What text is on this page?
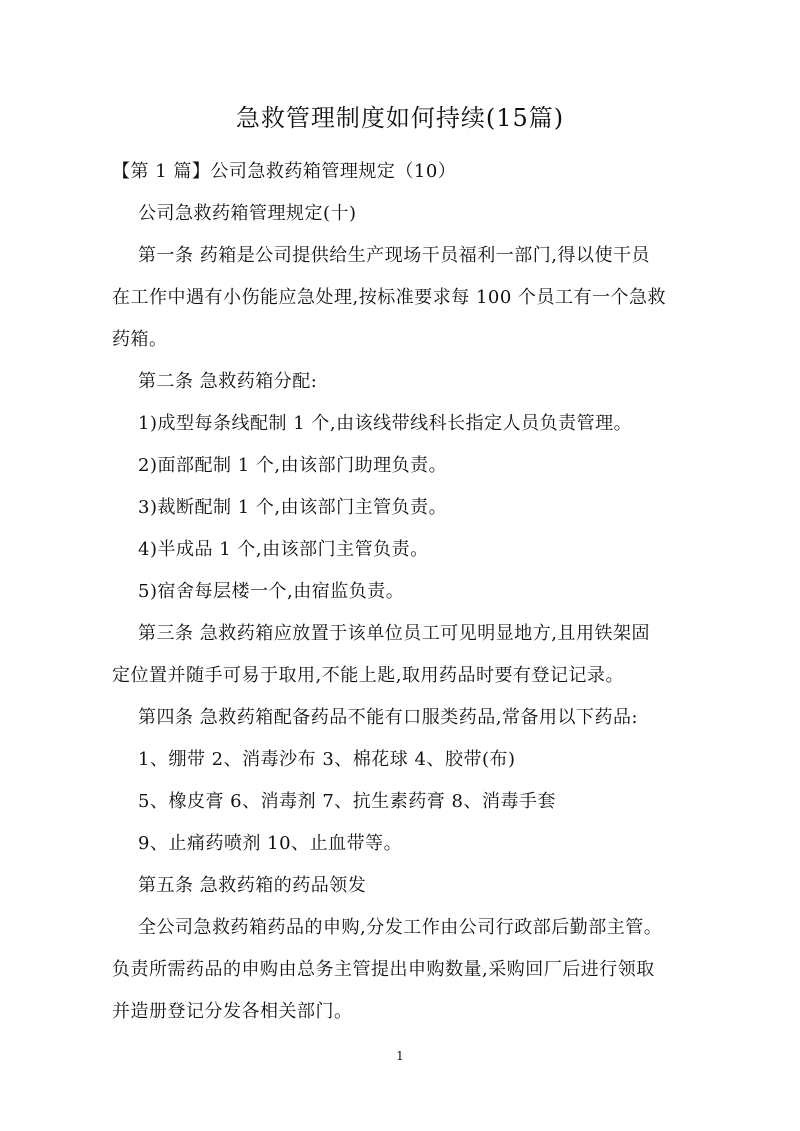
急救管理制度如何持续(15篇)
【第 1 篇】公司急救药箱管理规定（10）
公司急救药箱管理规定(十)
第一条 药箱是公司提供给生产现场干员福利一部门,得以使干员
在工作中遇有小伤能应急处理,按标准要求每 100 个员工有一个急救
药箱。
第二条 急救药箱分配:
1)成型每条线配制 1 个,由该线带线科长指定人员负责管理。
2)面部配制 1 个,由该部门助理负责。
3)裁断配制 1 个,由该部门主管负责。
4)半成品 1 个,由该部门主管负责。
5)宿舍每层楼一个,由宿监负责。
第三条 急救药箱应放置于该单位员工可见明显地方,且用铁架固
定位置并随手可易于取用,不能上匙,取用药品时要有登记记录。
第四条 急救药箱配备药品不能有口服类药品,常备用以下药品:
1、绷带 2、消毒沙布 3、棉花球 4、胶带(布)
5、橡皮膏 6、消毒剂 7、抗生素药膏 8、消毒手套
9、止痛药喷剂 10、止血带等。
第五条 急救药箱的药品领发
全公司急救药箱药品的申购,分发工作由公司行政部后勤部主管。
负责所需药品的申购由总务主管提出申购数量,采购回厂后进行领取
并造册登记分发各相关部门。
1
